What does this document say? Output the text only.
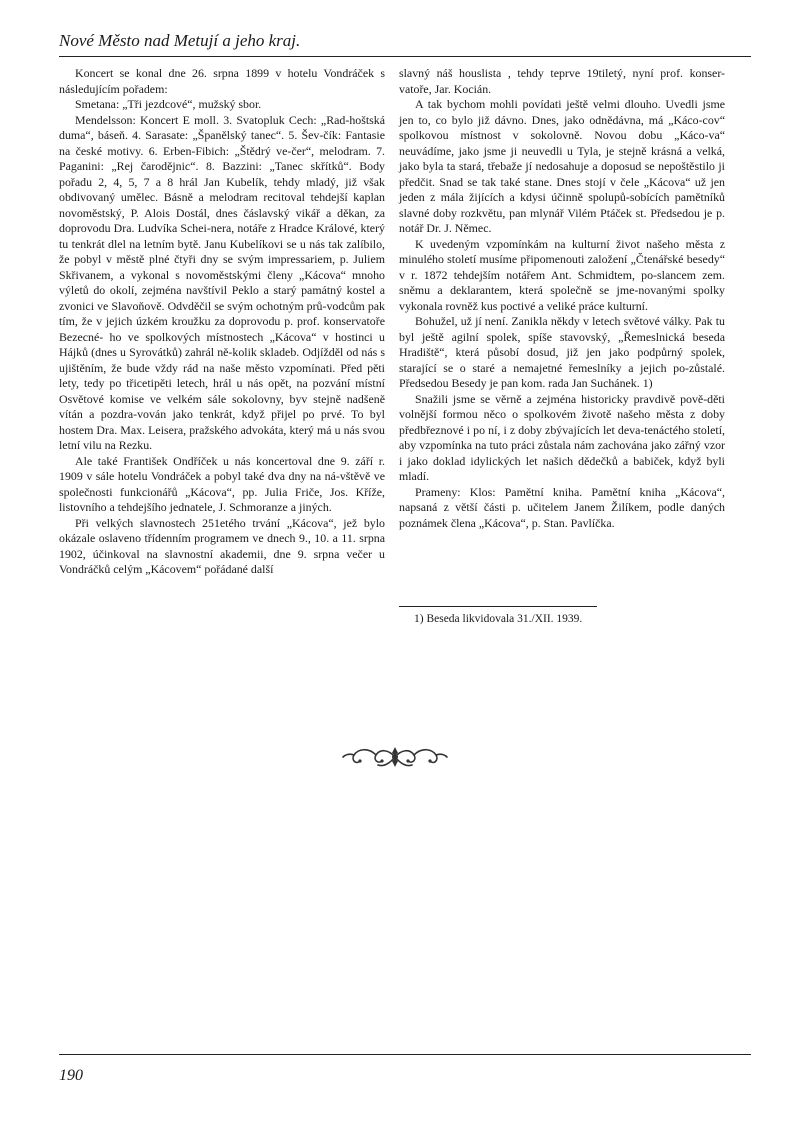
Nové Město nad Metují a jeho kraj.

Koncert se konal dne 26. srpna 1899 v hotelu Vondráček s následujícím pořadem:

Smetana: „Tři jezdcové“, mužský sbor.

Mendelsson: Koncert E moll. 3. Svatopluk Cech: „Rad-hoštská duma“, báseň. 4. Sarasate: „Španělský tanec“. 5. Šev-čík: Fantasie na české motivy. 6. Erben-Fibich: „Štědrý ve-čer“, melodram. 7. Paganini: „Rej čarodějnic“. 8. Bazzini: „Tanec skřítků“. Body pořadu 2, 4, 5, 7 a 8 hrál Jan Kubelík, tehdy mladý, již však obdivovaný umělec. Básně a melodram recitoval tehdejší kaplan novoměstský, P. Alois Dostál, dnes čáslavský vikář a děkan, za doprovodu Dra. Ludvíka Schei-nera, notáře z Hradce Králové, který tu tenkrát dlel na letním bytě. Janu Kubelíkovi se u nás tak zalíbilo, že pobyl v městě plné čtyři dny se svým impressariem, p. Juliem Skřivanem, a vykonal s novoměstskými členy „Kácova“ mnoho výletů do okolí, zejména navštívil Peklo a starý památný kostel a zvonici ve Slavoňově. Odvděčil se svým ochotným prů-vodcům pak tím, že v jejich úzkém kroužku za doprovodu p. prof. konservatoře Bezecné- ho ve spolkových místnostech „Kácova“ v hostinci u Hájků (dnes u Syrovátků) zahrál ně-kolik skladeb. Odjížděl od nás s ujištěním, že bude vždy rád na naše město vzpomínati. Před pěti lety, tedy po třicetipěti letech, hrál u nás opět, na pozvání místní Osvětové komise ve velkém sále sokolovny, byv stejně nadšeně vítán a pozdra-vován jako tenkrát, když přijel po prvé. To byl hostem Dra. Max. Leisera, pražského advokáta, který má u nás svou letní vilu na Rezku.

Ale také František Ondříček u nás koncertoval dne 9. září r. 1909 v sále hotelu Vondráček a pobyl také dva dny na ná-vštěvě ve společnosti funkcionářů „Kácova“, pp. Julia Friče, Jos. Kříže, listovního a tehdejšího jednatele, J. Schmoranze a jiných.

Při velkých slavnostech 251etého trvání „Kácova“, jež bylo okázale oslaveno třídenním programem ve dnech 9., 10. a 11. srpna 1902, účinkoval na slavnostní akademii, dne 9. srpna večer u Vondráčků celým „Kácovem“ pořádané další

slavný náš houslista , tehdy teprve 19tiletý, nyní prof. konser-vatoře, Jar. Kocián.

A tak bychom mohli povídati ještě velmi dlouho. Uvedli jsme jen to, co bylo již dávno. Dnes, jako odnědávna, má „Káco-cov“ spolkovou místnost v sokolovně. Novou dobu „Káco-va“ neuvádíme, jako jsme ji neuvedli u Tyla, je stejně krásná a velká, jako byla ta stará, třebaže jí nedosahuje a doposud se nepoštěstilo ji předčit. Snad se tak také stane. Dnes stojí v čele „Kácova“ už jen jeden z mála žijících a kdysi účinně spolupů-sobících pamětníků slavné doby rozkvětu, pan mlynář Vilém Ptáček st. Předsedou je p. notář Dr. J. Němec.

K uvedeným vzpomínkám na kulturní život našeho města z minulého století musíme připomenouti založení „Čtenářské besedy“ v r. 1872 tehdejším notářem Ant. Schmidtem, po-slancem zem. sněmu a deklarantem, která společně se jme-novanými spolky vykonala rovněž kus poctivé a veliké práce kulturní.

Bohužel, už jí není. Zanikla někdy v letech světové války. Pak tu byl ještě agilní spolek, spíše stavovský, „Řemeslnická beseda Hradiště“, která působí dosud, již jen jako podpůrný spolek, starající se o staré a nemajetné řemeslníky a jejich po-zůstalé. Předsedou Besedy je pan kom. rada Jan Suchánek. 1)

Snažili jsme se věrně a zejména historicky pravdivě pově-děti volnější formou něco o spolkovém životě našeho města z doby předbřeznové i po ní, i z doby zbývajících let deva-tenáctého století, aby vzpomínka na tuto práci zůstala nám zachována jako zářný vzor i jako doklad idylických let našich dědečků a babiček, když byli mladí.

Prameny: Klos: Pamětní kniha. Pamětní kniha „Kácova“, napsaná z větší části p. učitelem Janem Žilíkem, podle daných poznámek člena „Kácova“, p. Stan. Pavlíčka.

1) Beseda likvidovala 31./XII. 1939.
190
